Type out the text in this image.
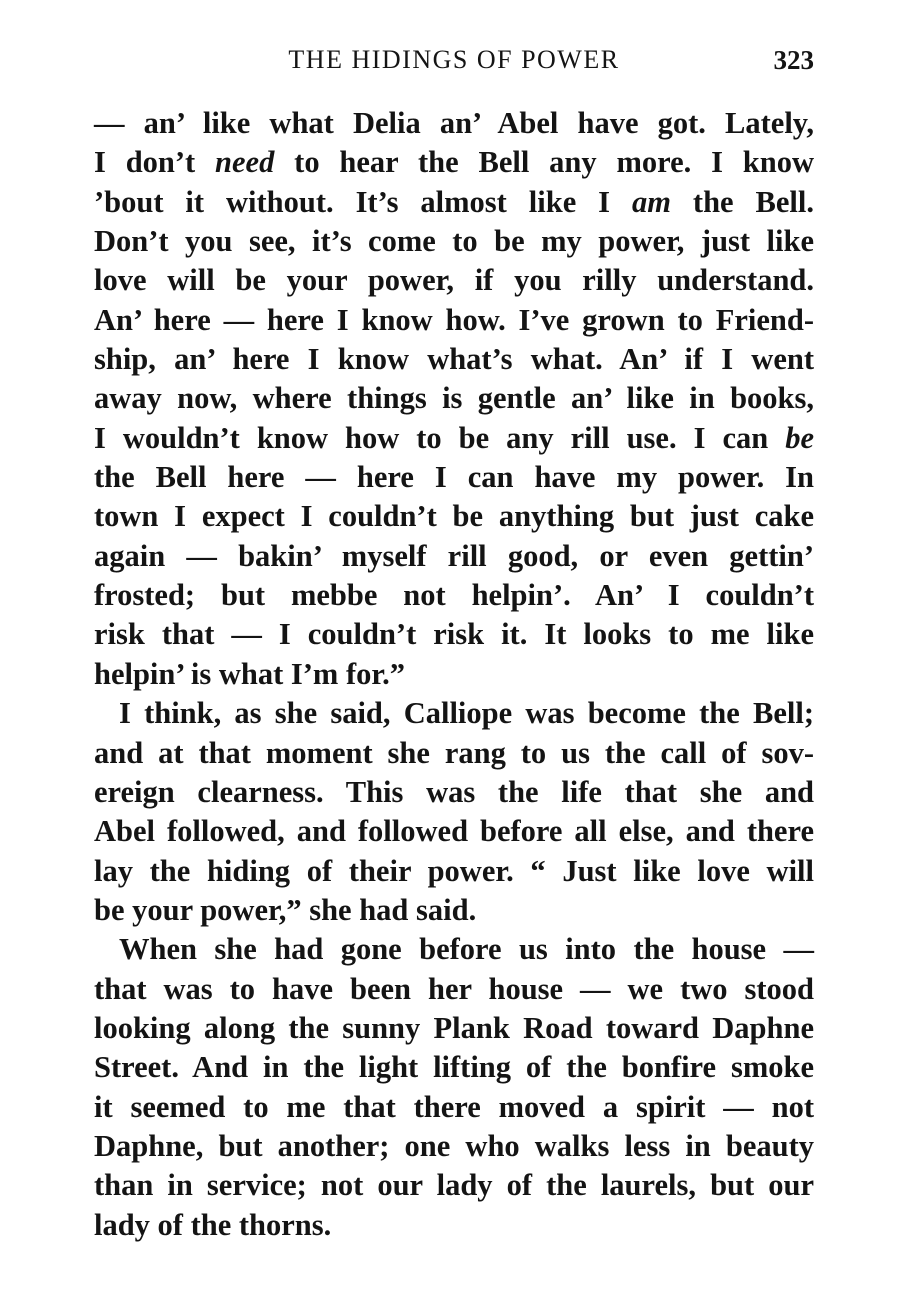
THE HIDINGS OF POWER	323
— an’ like what Delia an’ Abel have got. Lately,
I don’t need to hear the Bell any more. I know
’bout it without. It’s almost like I am the Bell.
Don’t you see, it’s come to be my power, just like
love will be your power, if you rilly understand.
An’ here — here I know how. I’ve grown to Friend-
ship, an’ here I know what’s what. An’ if I went
away now, where things is gentle an’ like in books,
I wouldn’t know how to be any rill use. I can be
the Bell here — here I can have my power. In
town I expect I couldn’t be anything but just cake
again — bakin’ myself rill good, or even gettin’
frosted; but mebbe not helpin’. An’ I couldn’t
risk that — I couldn’t risk it. It looks to me like
helpin’ is what I’m for.”
I think, as she said, Calliope was become the Bell;
and at that moment she rang to us the call of sov-
ereign clearness. This was the life that she and
Abel followed, and followed before all else, and there
lay the hiding of their power. “ Just like love will
be your power,” she had said.
When she had gone before us into the house —
that was to have been her house — we two stood
looking along the sunny Plank Road toward Daphne
Street. And in the light lifting of the bonfire smoke
it seemed to me that there moved a spirit — not
Daphne, but another; one who walks less in beauty
than in service; not our lady of the laurels, but our
lady of the thorns.
